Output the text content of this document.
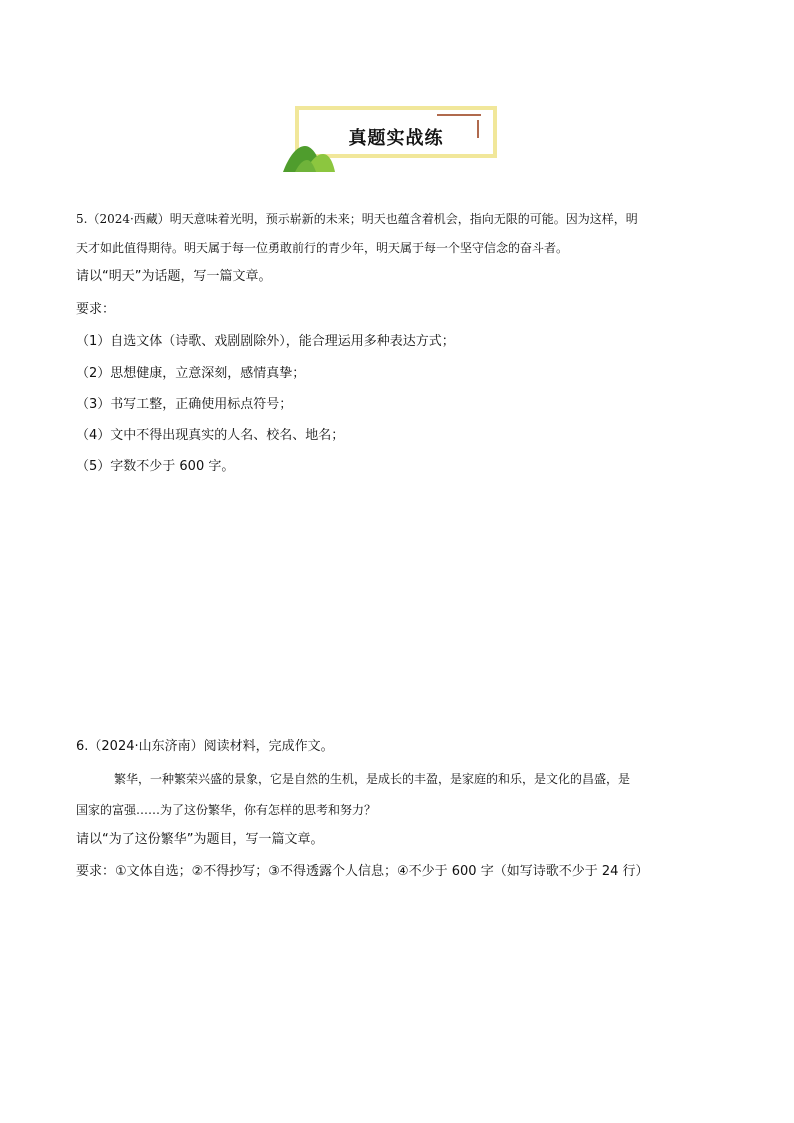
真题实战练
5.（2024·西藏）明天意味着光明，预示崭新的未来；明天也蕴含着机会，指向无限的可能。因为这样，明
天才如此值得期待。明天属于每一位勇敢前行的青少年，明天属于每一个坚守信念的奋斗者。
请以“明天”为话题，写一篇文章。
要求：
（1）自选文体（诗歌、戏剧剧除外），能合理运用多种表达方式；
（2）思想健康，立意深刻，感情真挚；
（3）书写工整，正确使用标点符号；
（4）文中不得出现真实的人名、校名、地名；
（5）字数不少于 600 字。
6.（2024·山东济南）阅读材料，完成作文。
繁华，一种繁荣兴盛的景象，它是自然的生机，是成长的丰盈，是家庭的和乐，是文化的昌盛，是
国家的富强……为了这份繁华，你有怎样的思考和努力？
请以“为了这份繁华”为题目，写一篇文章。
要求：①文体自选；②不得抄写；③不得透露个人信息；④不少于 600 字（如写诗歌不少于 24 行）
